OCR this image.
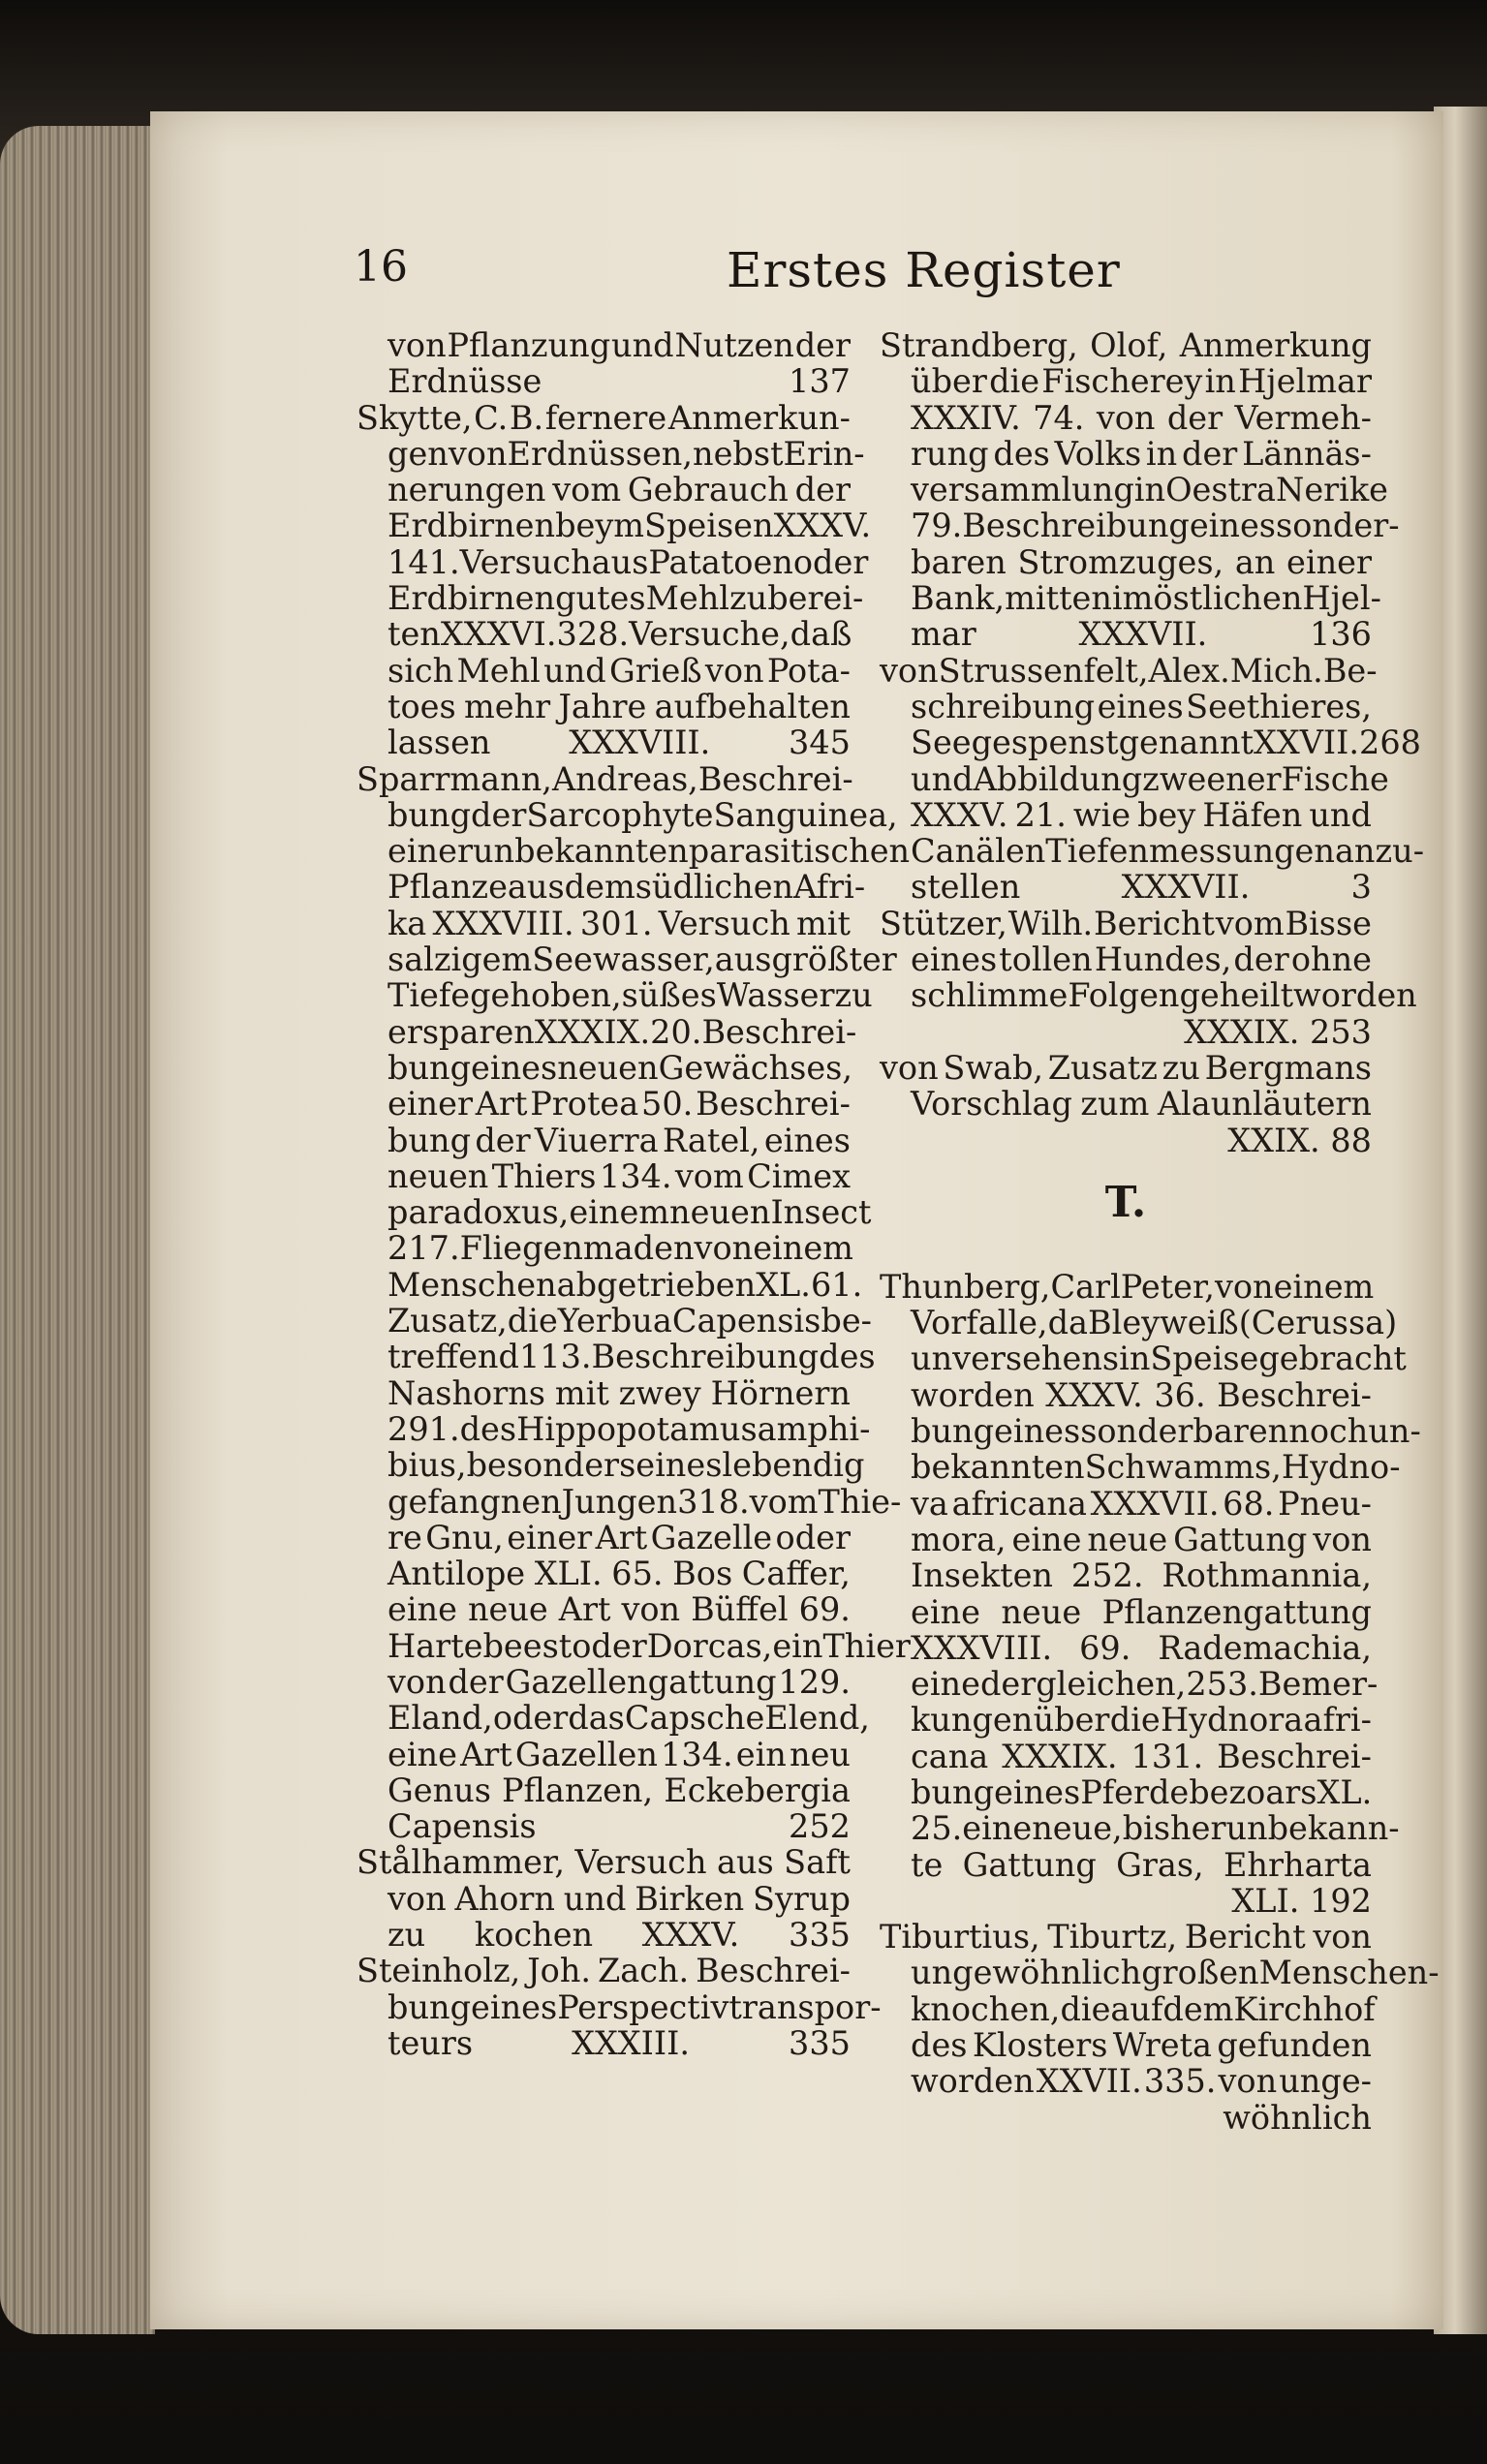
16	Erstes Register
von Pflanzung und Nutzen der
Erdnüsse	137
Skytte, C. B. fernere Anmerkun-
gen von Erdnüssen, nebst Erin-
nerungen vom Gebrauch der
Erdbirnen beym Speisen XXXV.
141. Versuch aus Patatoen oder
Erdbirnen gutes Mehl zu berei-
ten XXXVI. 328. Versuche, daß
sich Mehl und Grieß von Pota-
toes mehr Jahre aufbehalten
lassen XXXVIII. 345
Sparrmann, Andreas, Beschrei-
bung der Sarcophyte Sanguinea,
einer unbekannten parasitischen
Pflanze aus dem südlichen Afri-
ka XXXVIII. 301. Versuch mit
salzigem Seewasser, aus größter
Tiefe gehoben, süßes Wasser zu
ersparen XXXIX. 20. Beschrei-
bung eines neuen Gewächses,
einer Art Protea 50. Beschrei-
bung der Viuerra Ratel, eines
neuen Thiers 134. vom Cimex
paradoxus, einem neuen Insect
217. Fliegenmaden von einem
Menschen abgetrieben XL. 61.
Zusatz, die Yerbua Capensis be-
treffend 113. Beschreibung des
Nashorns mit zwey Hörnern
291. des Hippopotamus amphi-
bius, besonders eines lebendig
gefangnen Jungen 318. vom Thie-
re Gnu, einer Art Gazelle oder
Antilope XLI. 65. Bos Caffer,
eine neue Art von Büffel 69.
Hartebeest oder Dorcas, ein Thier
von der Gazellengattung 129.
Eland, oder das Capsche Elend,
eine Art Gazellen 134. ein neu
Genus Pflanzen, Eckebergia
Capensis	252
Stålhammer, Versuch aus Saft
von Ahorn und Birken Syrup
zu kochen XXXV. 335
Steinholz, Joh. Zach. Beschrei-
bung eines Perspectivtranspor-
teurs	XXXIII.	335
Strandberg, Olof, Anmerkung
über die Fischerey in Hjelmar
XXXIV. 74. von der Vermeh-
rung des Volks in der Lännäs-
versammlung in Oestra Nerike
79. Beschreibung eines sonder-
baren Stromzuges, an einer
Bank, mitten im östlichen Hjel-
mar	XXXVII.	136
von Strussenfelt, Alex. Mich. Be-
schreibung eines Seethieres,
Seegespenst genannt XXVII. 268
und Abbildung zweener Fische
XXXV. 21. wie bey Häfen und
Canälen Tiefenmessungen anzu-
stellen	XXXVII.	3
Stützer, Wilh. Bericht vom Bisse
eines tollen Hundes, der ohne
schlimme Folgen geheilt worden
XXXIX. 253
von Swab, Zusatz zu Bergmans
Vorschlag zum Alaunläutern
XXIX. 88
T.
Thunberg, Carl Peter, von einem
Vorfalle, da Bleyweiß (Cerussa)
unversehens in Speise gebracht
worden XXXV. 36. Beschrei-
bung eines sonderbaren noch un-
bekannten Schwamms, Hydno-
va africana XXXVII. 68. Pneu-
mora, eine neue Gattung von
Insekten 252. Rothmannia,
eine neue Pflanzengattung
XXXVIII. 69. Rademachia,
eine dergleichen, 253. Bemer-
kungen über die Hydnora afri-
cana XXXIX. 131. Beschrei-
bung eines Pferdebezoars XL.
25. eine neue, bisher unbekann-
te Gattung Gras, Ehrharta
XLI. 192
Tiburtius, Tiburtz, Bericht von
ungewöhnlich großen Menschen-
knochen, die auf dem Kirchhof
des Klosters Wreta gefunden
worden XXVII. 335. von unge-
wöhnlich
